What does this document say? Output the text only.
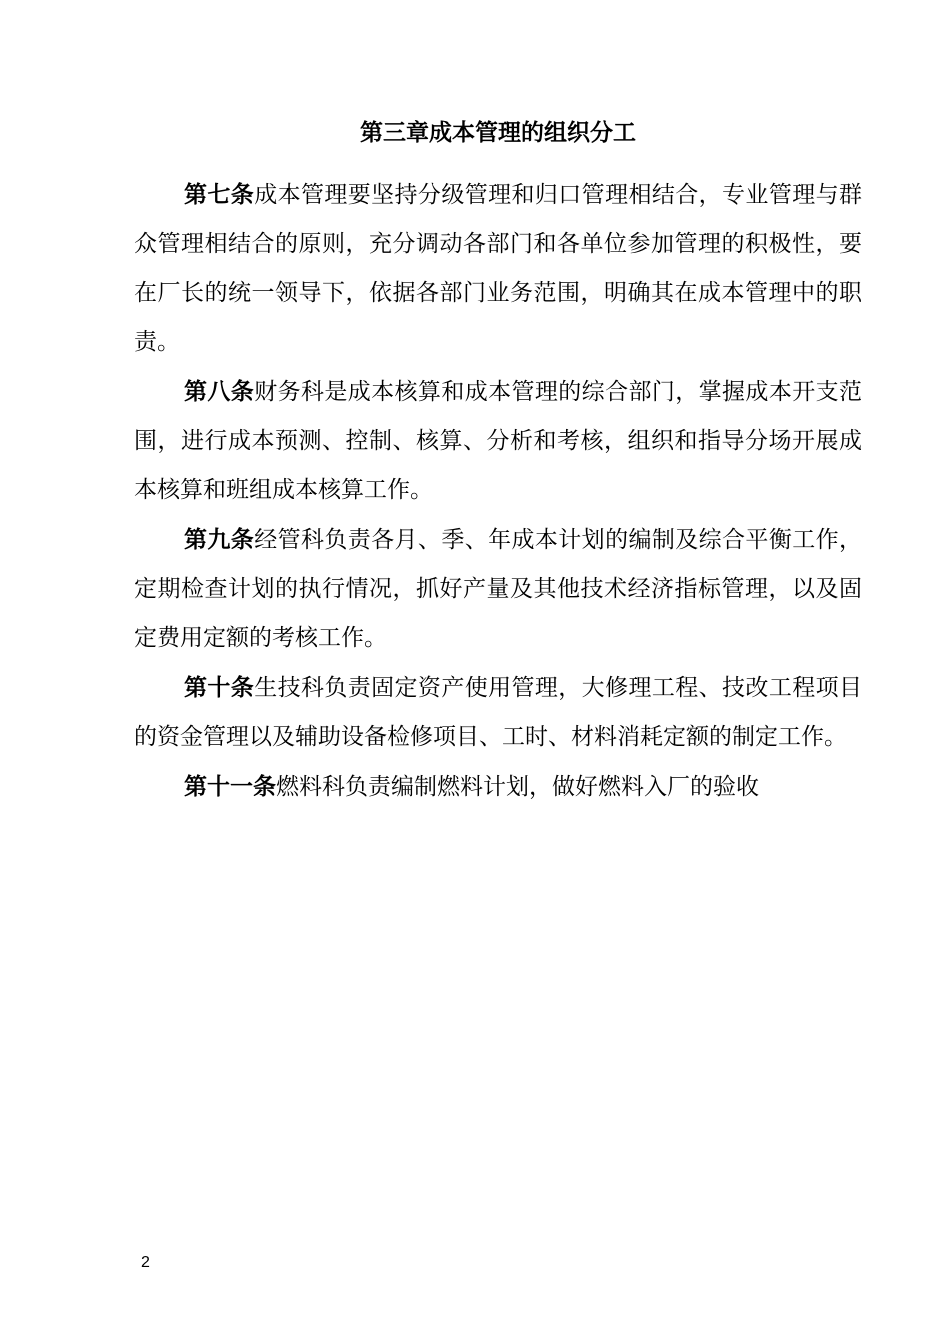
第三章成本管理的组织分工

第七条成本管理要坚持分级管理和归口管理相结合，专业管理与群众管理相结合的原则，充分调动各部门和各单位参加管理的积极性，要在厂长的统一领导下，依据各部门业务范围，明确其在成本管理中的职责。

第八条财务科是成本核算和成本管理的综合部门，掌握成本开支范围，进行成本预测、控制、核算、分析和考核，组织和指导分场开展成本核算和班组成本核算工作。

第九条经管科负责各月、季、年成本计划的编制及综合平衡工作，定期检查计划的执行情况，抓好产量及其他技术经济指标管理，以及固定费用定额的考核工作。

第十条生技科负责固定资产使用管理，大修理工程、技改工程项目的资金管理以及辅助设备检修项目、工时、材料消耗定额的制定工作。

第十一条燃料科负责编制燃料计划，做好燃料入厂的验收

2
